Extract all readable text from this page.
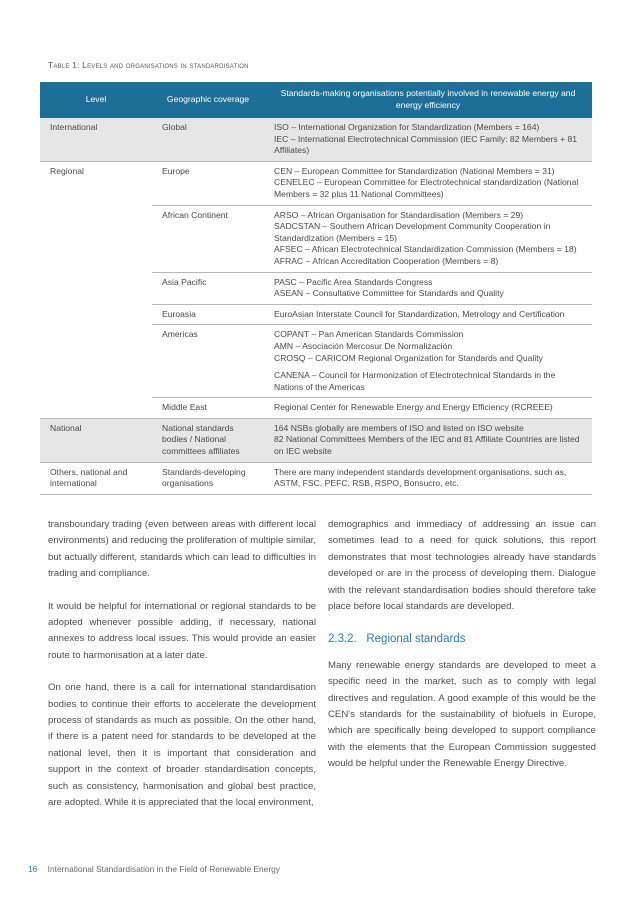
Table 1: Levels and organisations in standardisation
Level	Geographic coverage	Standards-making organisations potentially involved in renewable energy and energy efficiency
International	Global	ISO – International Organization for Standardization (Members = 164)
IEC – International Electrotechnical Commission (IEC Family: 82 Members + 81 Affiliates)
Regional	Europe	CEN – European Committee for Standardization (National Members = 31)
CENELEC – European Committee for Electrotechnical standardization (National Members = 32 plus 11 National Committees)
	African Continent	ARSO – African Organisation for Standardisation (Members = 29)
SADCSTAN – Southern African Development Community Cooperation in Standardization (Members = 15)
AFSEC – African Electrotechnical Standardization Commission (Members = 18)
AFRAC – African Accreditation Cooperation (Members = 8)
	Asia Pacific	PASC – Pacific Area Standards Congress
ASEAN – Consultative Committee for Standards and Quality
	Euroasia	EuroAsian Interstate Council for Standardization, Metrology and Certification
	Americas	COPANT – Pan American Standards Commission
AMN – Asociación Mercosur De Normalización
CROSQ – CARICOM Regional Organization for Standards and Quality
CANENA – Council for Harmonization of Electrotechnical Standards in the Nations of the Americas

	Middle East	Regional Center for Renewable Energy and Energy Efficiency (RCREEE)
National	National standards bodies / National committees affiliates	164 NSBs globally are members of ISO and listed on ISO website
82 National Committees Members of the IEC and 81 Affiliate Countries are listed on IEC website
Others, national and international	Standards-developing organisations	There are many independent standards development organisations, such as, ASTM, FSC, PEFC, RSB, RSPO, Bonsucro, etc.

transboundary trading (even between areas with different local environments) and reducing the proliferation of multiple similar, but actually different, standards which can lead to difficulties in trading and compliance.

It would be helpful for international or regional standards to be adopted whenever possible adding, if necessary, national annexes to address local issues. This would provide an easier route to harmonisation at a later date.

On one hand, there is a call for international standardisation bodies to continue their efforts to accelerate the development process of standards as much as possible. On the other hand, if there is a patent need for standards to be developed at the national level, then it is important that consideration and support in the context of broader standardisation concepts, such as consistency, harmonisation and global best practice, are adopted. While it is appreciated that the local environment,

demographics and immediacy of addressing an issue can sometimes lead to a need for quick solutions, this report demonstrates that most technologies already have standards developed or are in the process of developing them. Dialogue with the relevant standardisation bodies should therefore take place before local standards are developed.

2.3.2.   Regional standards

Many renewable energy standards are developed to meet a specific need in the market, such as to comply with legal directives and regulation. A good example of this would be the CEN's standards for the sustainability of biofuels in Europe, which are specifically being developed to support compliance with the elements that the European Commission suggested would be helpful under the Renewable Energy Directive.

16 International Standardisation in the Field of Renewable Energy
